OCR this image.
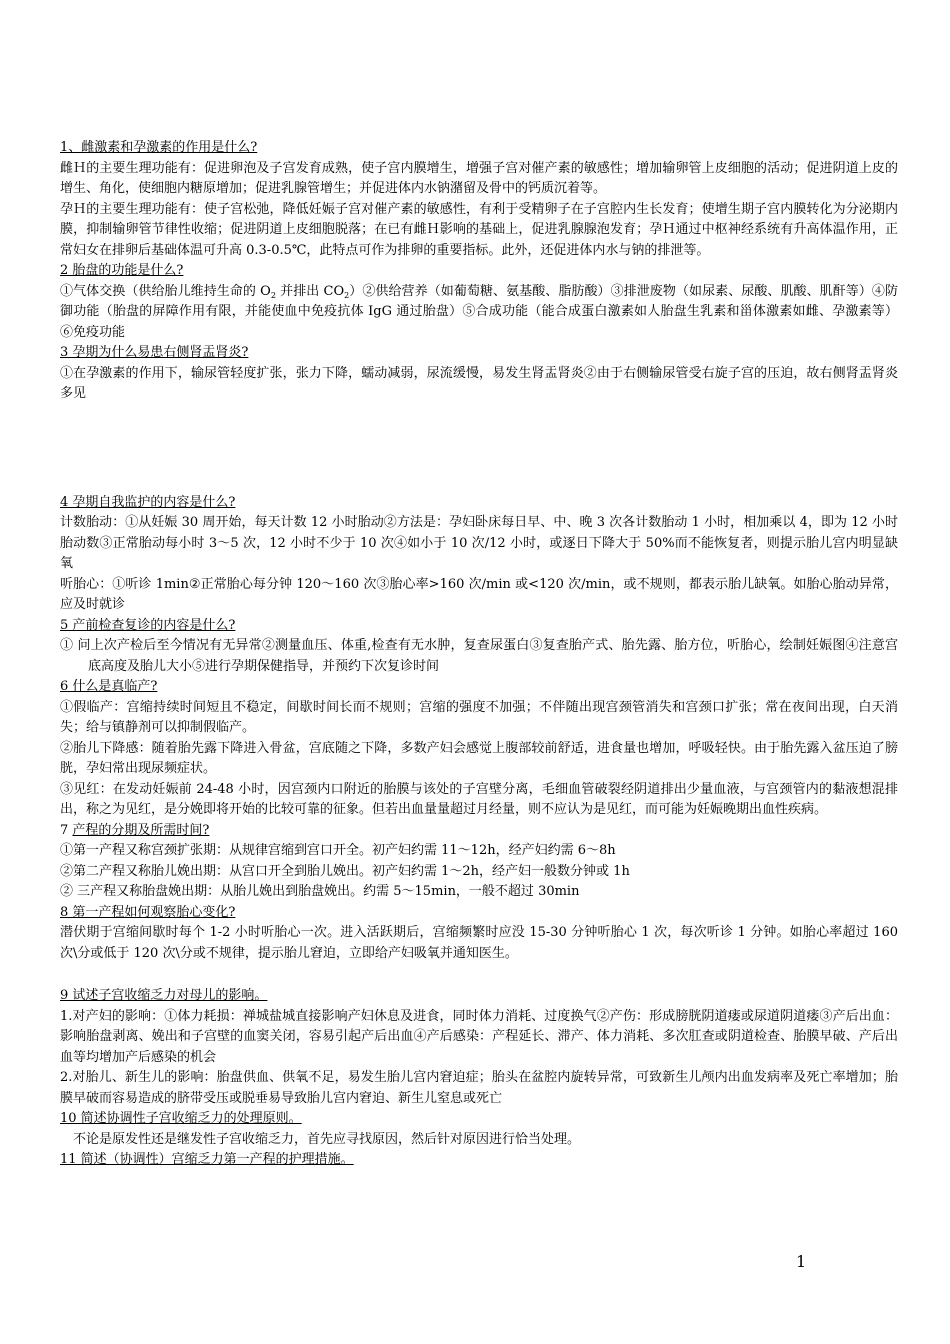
1、雌激素和孕激素的作用是什么?
雌Ｈ的主要生理功能有：促进卵泡及子宫发育成熟，使子宫内膜增生，增强子宫对催产素的敏感性；增加输卵管上皮细胞的活动；促进阴道上皮的增生、角化，使细胞内糖原增加；促进乳腺管增生；并促进体内水钠潴留及骨中的钙质沉着等。
孕Ｈ的主要生理功能有：使子宫松弛，降低妊娠子宫对催产素的敏感性，有利于受精卵子在子宫腔内生长发育；使增生期子宫内膜转化为分泌期内膜，抑制输卵管节律性收缩；促进阴道上皮细胞脱落；在已有雌Ｈ影响的基础上，促进乳腺腺泡发育；孕Ｈ通过中枢神经系统有升高体温作用，正常妇女在排卵后基础体温可升高 0.3-0.5℃，此特点可作为排卵的重要指标。此外，还促进体内水与钠的排泄等。
2 胎盘的功能是什么?
①气体交换（供给胎儿维持生命的 $O_2$ 并排出 $CO_2)②$供给营养（如葡萄糖、氨基酸、脂肪酸）③排泄废物（如尿素、尿酸、肌酸、肌酐等）④防御功能（胎盘的屏障作用有限，并能使血中免疫抗体 IgG 通过胎盘）⑤合成功能（能合成蛋白激素如人胎盘生乳素和甾体激素如雌、孕激素等）⑥免疫功能
3 孕期为什么易患右侧肾盂肾炎?
①在孕激素的作用下，输尿管轻度扩张，张力下降，蠕动减弱，尿流缓慢，易发生肾盂肾炎②由于右侧输尿管受右旋子宫的压迫，故右侧肾盂肾炎多见
4 孕期自我监护的内容是什么?
计数胎动：①从妊娠 30 周开始，每天计数 12 小时胎动②方法是：孕妇卧床每日早、中、晚 3 次各计数胎动 1 小时，相加乘以 4，即为 12 小时胎动数③正常胎动每小时 3～5 次，12 小时不少于 10 次④如小于 10 次/12 小时，或逐日下降大于 50%而不能恢复者，则提示胎儿宫内明显缺氧
听胎心：①听诊 1min②正常胎心每分钟 120～160 次③胎心率>160 次/min 或<120 次/min，或不规则，都表示胎儿缺氧。如胎心胎动异常，应及时就诊
5 产前检查复诊的内容是什么?
① 问上次产检后至今情况有无异常②测量血压、体重,检查有无水肿，复查尿蛋白③复查胎产式、胎先露、胎方位，听胎心，绘制妊娠图④注意宫底高度及胎儿大小⑤进行孕期保健指导，并预约下次复诊时间
6 什么是真临产?
①假临产：宫缩持续时间短且不稳定，间歇时间长而不规则；宫缩的强度不加强；不伴随出现宫颈管消失和宫颈口扩张；常在夜间出现，白天消失；给与镇静剂可以抑制假临产。
②胎儿下降感：随着胎先露下降进入骨盆，宫底随之下降，多数产妇会感觉上腹部较前舒适，进食量也增加，呼吸轻快。由于胎先露入盆压迫了膀胱，孕妇常出现尿频症状。
③见红：在发动妊娠前 24-48 小时，因宫颈内口附近的胎膜与该处的子宫壁分离，毛细血管破裂经阴道排出少量血液，与宫颈管内的黏液想混排出，称之为见红，是分娩即将开始的比较可靠的征象。但若出血量量超过月经量，则不应认为是见红，而可能为妊娠晚期出血性疾病。
7 产程的分期及所需时间?
①第一产程又称宫颈扩张期：从规律宫缩到宫口开全。初产妇约需 11～12h，经产妇约需 6～8h
②第二产程又称胎儿娩出期：从宫口开全到胎儿娩出。初产妇约需 1～2h，经产妇一般数分钟或 1h
② 三产程又称胎盘娩出期：从胎儿娩出到胎盘娩出。约需 5～15min，一般不超过 30min
8 第一产程如何观察胎心变化?
潜伏期于宫缩间歇时每个 1-2 小时听胎心一次。进入活跃期后，宫缩频繁时应没 15-30 分钟听胎心 1 次，每次听诊 1 分钟。如胎心率超过 160 次\分或低于 120 次\分或不规律，提示胎儿窘迫，立即给产妇吸氧并通知医生。
9 试述子宫收缩乏力对母儿的影响。
1.对产妇的影响：①体力耗损：禅城盐城直接影响产妇休息及进食，同时体力消耗、过度换气②产伤：形成膀胱阴道瘘或尿道阴道瘘③产后出血：影响胎盘剥离、娩出和子宫壁的血窦关闭，容易引起产后出血④产后感染：产程延长、滞产、体力消耗、多次肛查或阴道检查、胎膜早破、产后出血等均增加产后感染的机会
2.对胎儿、新生儿的影响：胎盘供血、供氧不足，易发生胎儿宫内窘迫症；胎头在盆腔内旋转异常，可致新生儿颅内出血发病率及死亡率增加；胎膜早破而容易造成的脐带受压或脱垂易导致胎儿宫内窘迫、新生儿窒息或死亡
10 简述协调性子宫收缩乏力的处理原则。
不论是原发性还是继发性子宫收缩乏力，首先应寻找原因，然后针对原因进行恰当处理。
11 简述（协调性）宫缩乏力第一产程的护理措施。
1
